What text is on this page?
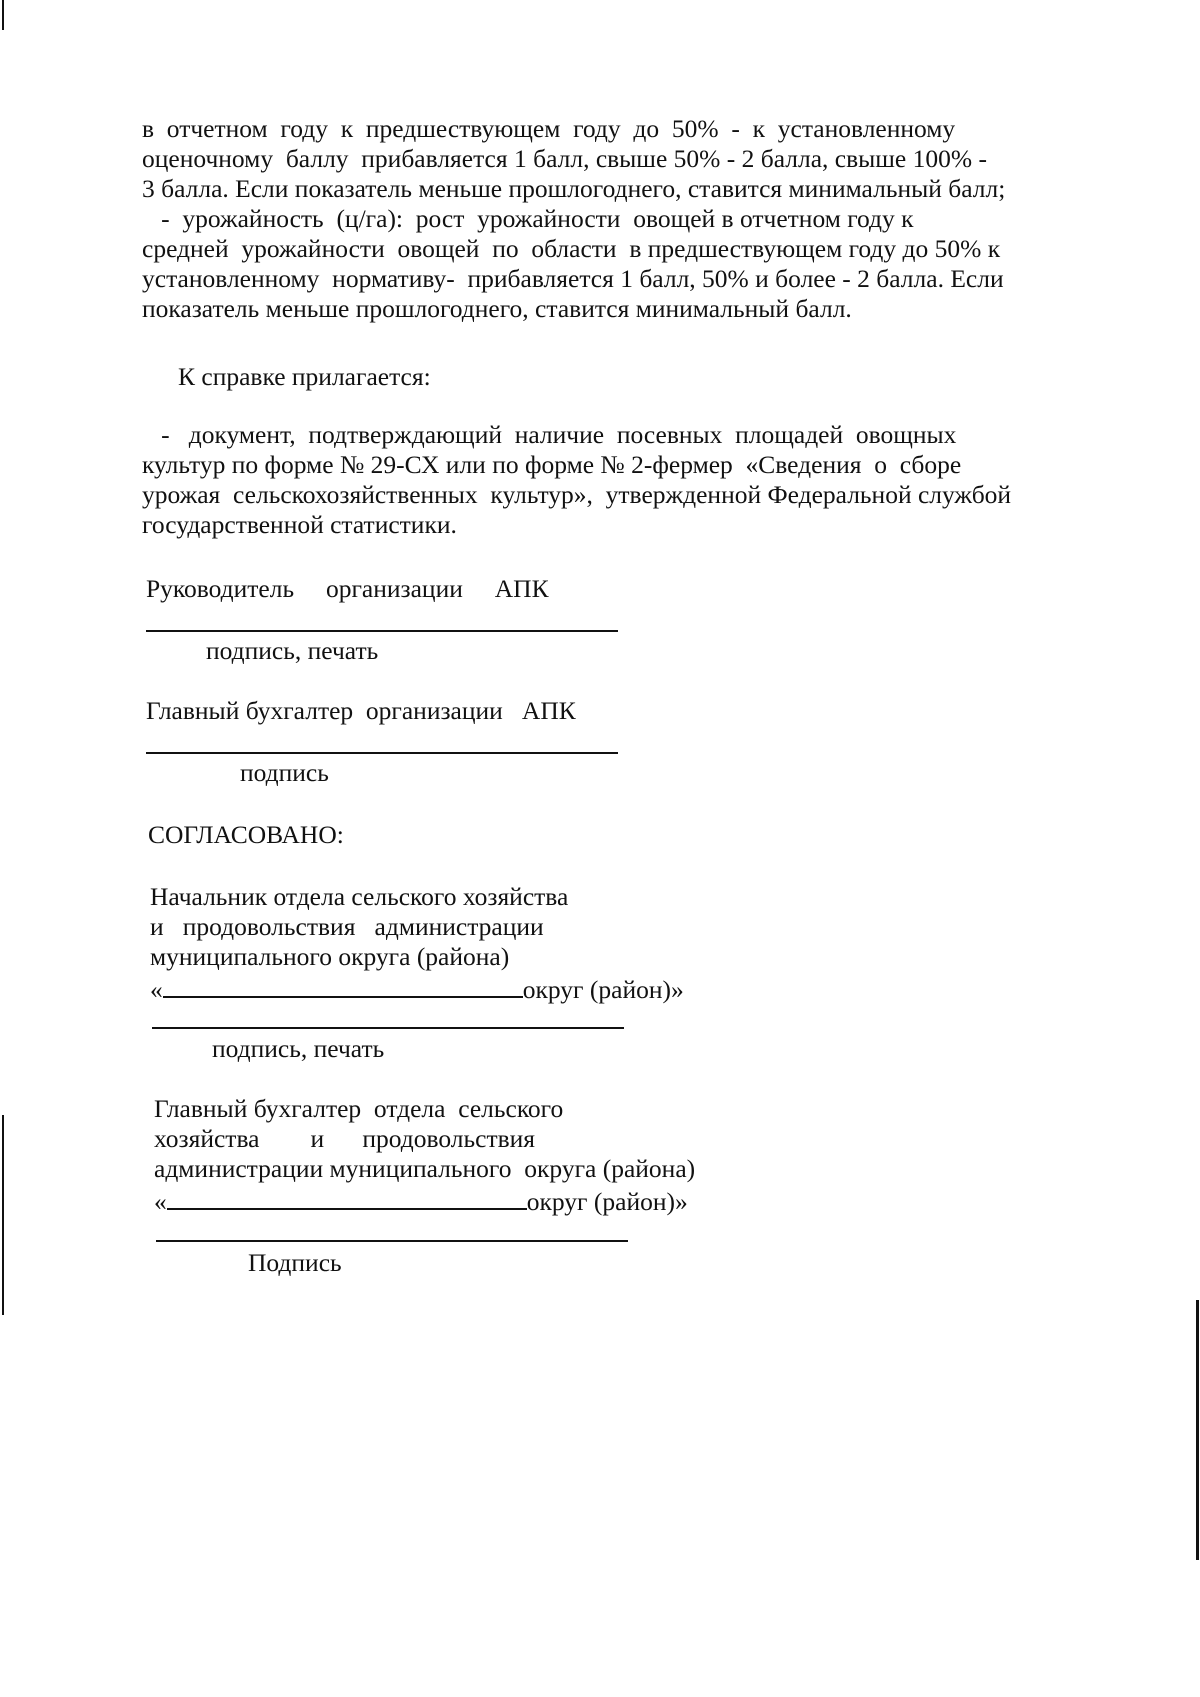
в  отчетном  году  к  предшествующем  году  до  50%  -  к  установленному
оценочному  баллу  прибавляется 1 балл, свыше 50% - 2 балла, свыше 100% -
3 балла. Если показатель меньше прошлогоднего, ставится минимальный балл;
-  урожайность  (ц/га):  рост  урожайности  овощей в отчетном году к
средней  урожайности  овощей  по  области  в предшествующем году до 50% к
установленному  нормативу-  прибавляется 1 балл, 50% и более - 2 балла. Если
показатель меньше прошлогоднего, ставится минимальный балл.
К справке прилагается:
-   документ,  подтверждающий  наличие  посевных  площадей  овощных
культур по форме № 29-СХ или по форме № 2-фермер  «Сведения  о  сборе
урожая  сельскохозяйственных  культур»,  утвержденной Федеральной службой
государственной статистики.
Руководитель     организации     АПК
подпись, печать
Главный бухгалтер  организации   АПК
подпись
СОГЛАСОВАНО:
Начальник отдела сельского хозяйства
и   продовольствия   администрации
муниципального округа (района)
«	округ (район)»
подпись, печать
Главный бухгалтер  отдела  сельского
хозяйства        и      продовольствия
администрации муниципального  округа (района)
«	округ (район)»
Подпись
